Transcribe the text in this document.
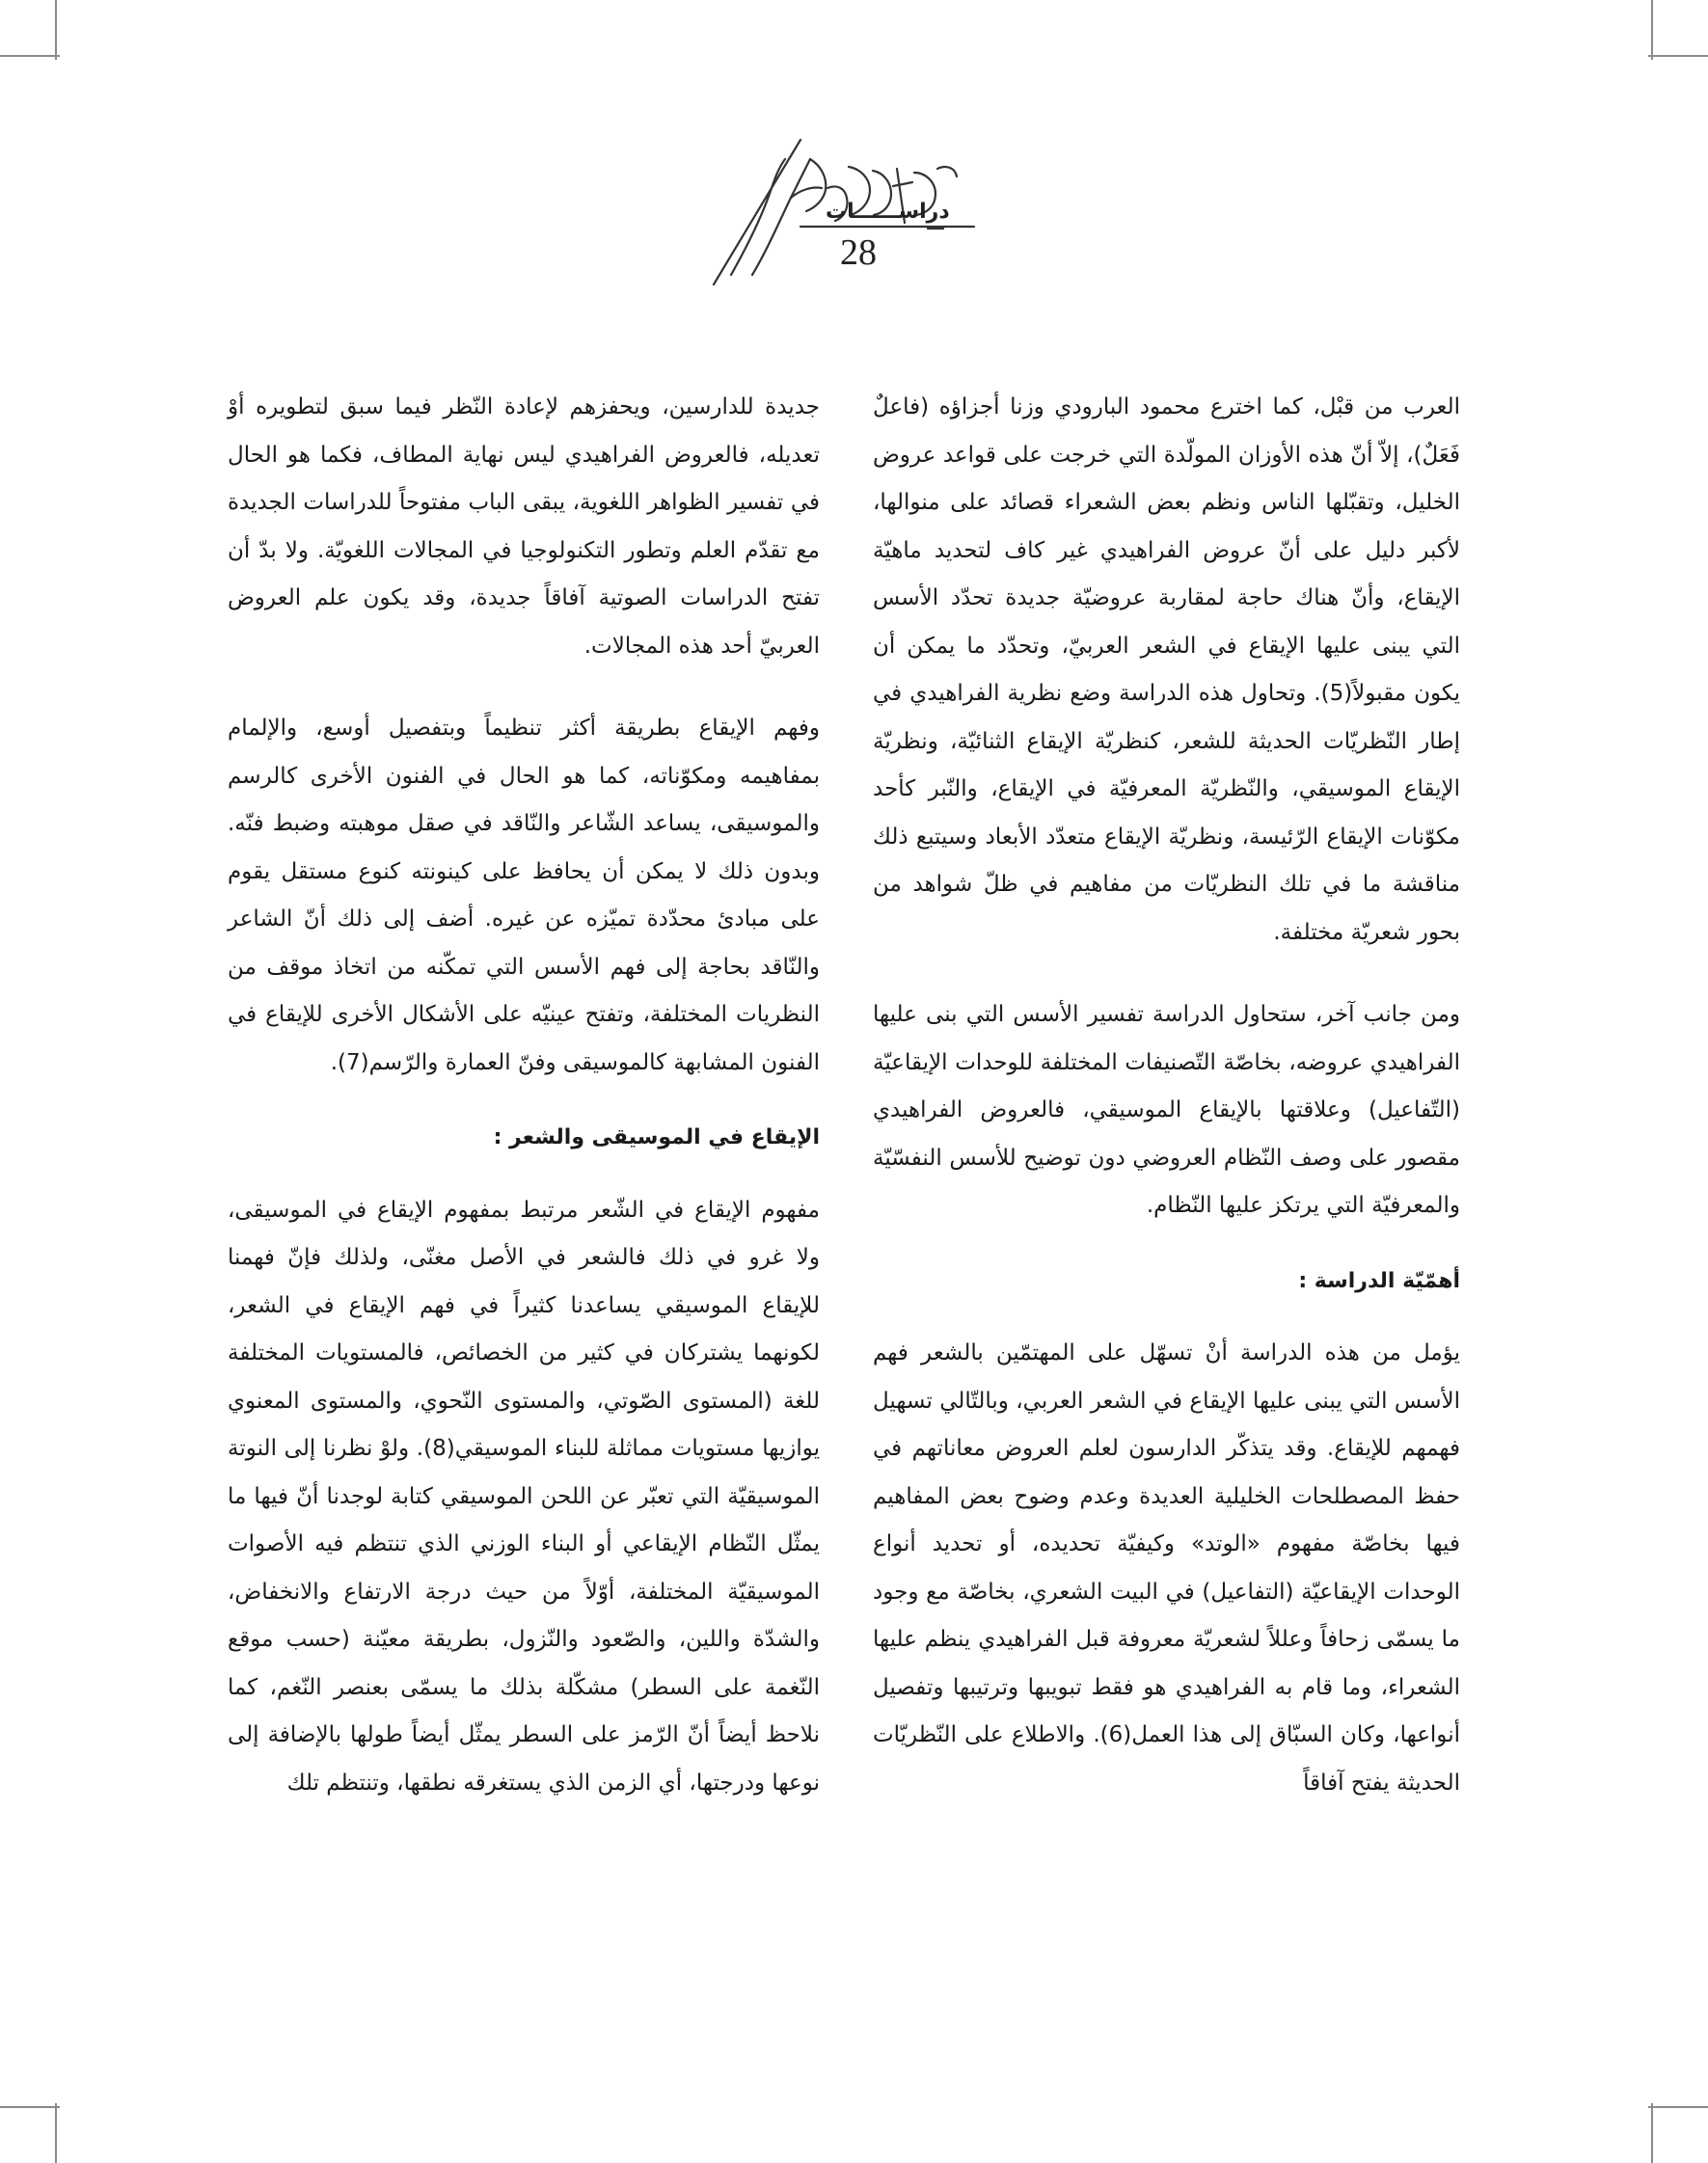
دراســــــات
28

العرب من قبْل، كما اخترع محمود البارودي وزنا أجزاؤه (فاعلٌ فَعَلٌ)، إلاّ أنّ هذه الأوزان المولّدة التي خرجت على قواعد عروض الخليل، وتقبّلها الناس ونظم بعض الشعراء قصائد على منوالها، لأكبر دليل على أنّ عروض الفراهيدي غير كاف لتحديد ماهيّة الإيقاع، وأنّ هناك حاجة لمقاربة عروضيّة جديدة تحدّد الأسس التي يبنى عليها الإيقاع في الشعر العربيّ، وتحدّد ما يمكن أن يكون مقبولاً(5). وتحاول هذه الدراسة وضع نظرية الفراهيدي في إطار النّظريّات الحديثة للشعر، كنظريّة الإيقاع الثنائيّة، ونظريّة الإيقاع الموسيقي، والنّظريّة المعرفيّة في الإيقاع، والنّبر كأحد مكوّنات الإيقاع الرّئيسة، ونظريّة الإيقاع متعدّد الأبعاد وسيتبع ذلك مناقشة ما في تلك النظريّات من مفاهيم في ظلّ شواهد من بحور شعريّة مختلفة.

ومن جانب آخر، ستحاول الدراسة تفسير الأسس التي بنى عليها الفراهيدي عروضه، بخاصّة التّصنيفات المختلفة للوحدات الإيقاعيّة (التّفاعيل) وعلاقتها بالإيقاع الموسيقي، فالعروض الفراهيدي مقصور على وصف النّظام العروضي دون توضيح للأسس النفسّيّة والمعرفيّة التي يرتكز عليها النّظام.

أهمّيّة الدراسة :

يؤمل من هذه الدراسة أنْ تسهّل على المهتمّين بالشعر فهم الأسس التي يبنى عليها الإيقاع في الشعر العربي، وبالتّالي تسهيل فهمهم للإيقاع. وقد يتذكّر الدارسون لعلم العروض معاناتهم في حفظ المصطلحات الخليلية العديدة وعدم وضوح بعض المفاهيم فيها بخاصّة مفهوم «الوتد» وكيفيّة تحديده، أو تحديد أنواع الوحدات الإيقاعيّة (التفاعيل) في البيت الشعري، بخاصّة مع وجود ما يسمّى زحافاً وعللاً لشعريّة معروفة قبل الفراهيدي ينظم عليها الشعراء، وما قام به الفراهيدي هو فقط تبويبها وترتيبها وتفصيل أنواعها، وكان السبّاق إلى هذا العمل(6). والاطلاع على النّظريّات الحديثة يفتح آفاقاً

جديدة للدارسين، ويحفزهم لإعادة النّظر فيما سبق لتطويره أوْ تعديله، فالعروض الفراهيدي ليس نهاية المطاف، فكما هو الحال في تفسير الظواهر اللغوية، يبقى الباب مفتوحاً للدراسات الجديدة مع تقدّم العلم وتطور التكنولوجيا في المجالات اللغويّة. ولا بدّ أن تفتح الدراسات الصوتية آفاقاً جديدة، وقد يكون علم العروض العربيّ أحد هذه المجالات.

وفهم الإيقاع بطريقة أكثر تنظيماً وبتفصيل أوسع، والإلمام بمفاهيمه ومكوّناته، كما هو الحال في الفنون الأخرى كالرسم والموسيقى، يساعد الشّاعر والنّاقد في صقل موهبته وضبط فنّه. وبدون ذلك لا يمكن أن يحافظ على كينونته كنوع مستقل يقوم على مبادئ محدّدة تميّزه عن غيره. أضف إلى ذلك أنّ الشاعر والنّاقد بحاجة إلى فهم الأسس التي تمكّنه من اتخاذ موقف من النظريات المختلفة، وتفتح عينيّه على الأشكال الأخرى للإيقاع في الفنون المشابهة كالموسيقى وفنّ العمارة والرّسم(7).

الإيقاع في الموسيقى والشعر :

مفهوم الإيقاع في الشّعر مرتبط بمفهوم الإيقاع في الموسيقى، ولا غرو في ذلك فالشعر في الأصل مغنّى، ولذلك فإنّ فهمنا للإيقاع الموسيقي يساعدنا كثيراً في فهم الإيقاع في الشعر، لكونهما يشتركان في كثير من الخصائص، فالمستويات المختلفة للغة (المستوى الصّوتي، والمستوى النّحوي، والمستوى المعنوي يوازيها مستويات مماثلة للبناء الموسيقي(8). ولوْ نظرنا إلى النوتة الموسيقيّة التي تعبّر عن اللحن الموسيقي كتابة لوجدنا أنّ فيها ما يمثّل النّظام الإيقاعي أو البناء الوزني الذي تنتظم فيه الأصوات الموسيقيّة المختلفة، أوّلاً من حيث درجة الارتفاع والانخفاض، والشدّة واللين، والصّعود والنّزول، بطريقة معيّنة (حسب موقع النّغمة على السطر) مشكّلة بذلك ما يسمّى بعنصر النّغم، كما نلاحظ أيضاً أنّ الرّمز على السطر يمثّل أيضاً طولها بالإضافة إلى نوعها ودرجتها، أي الزمن الذي يستغرقه نطقها، وتنتظم تلك
